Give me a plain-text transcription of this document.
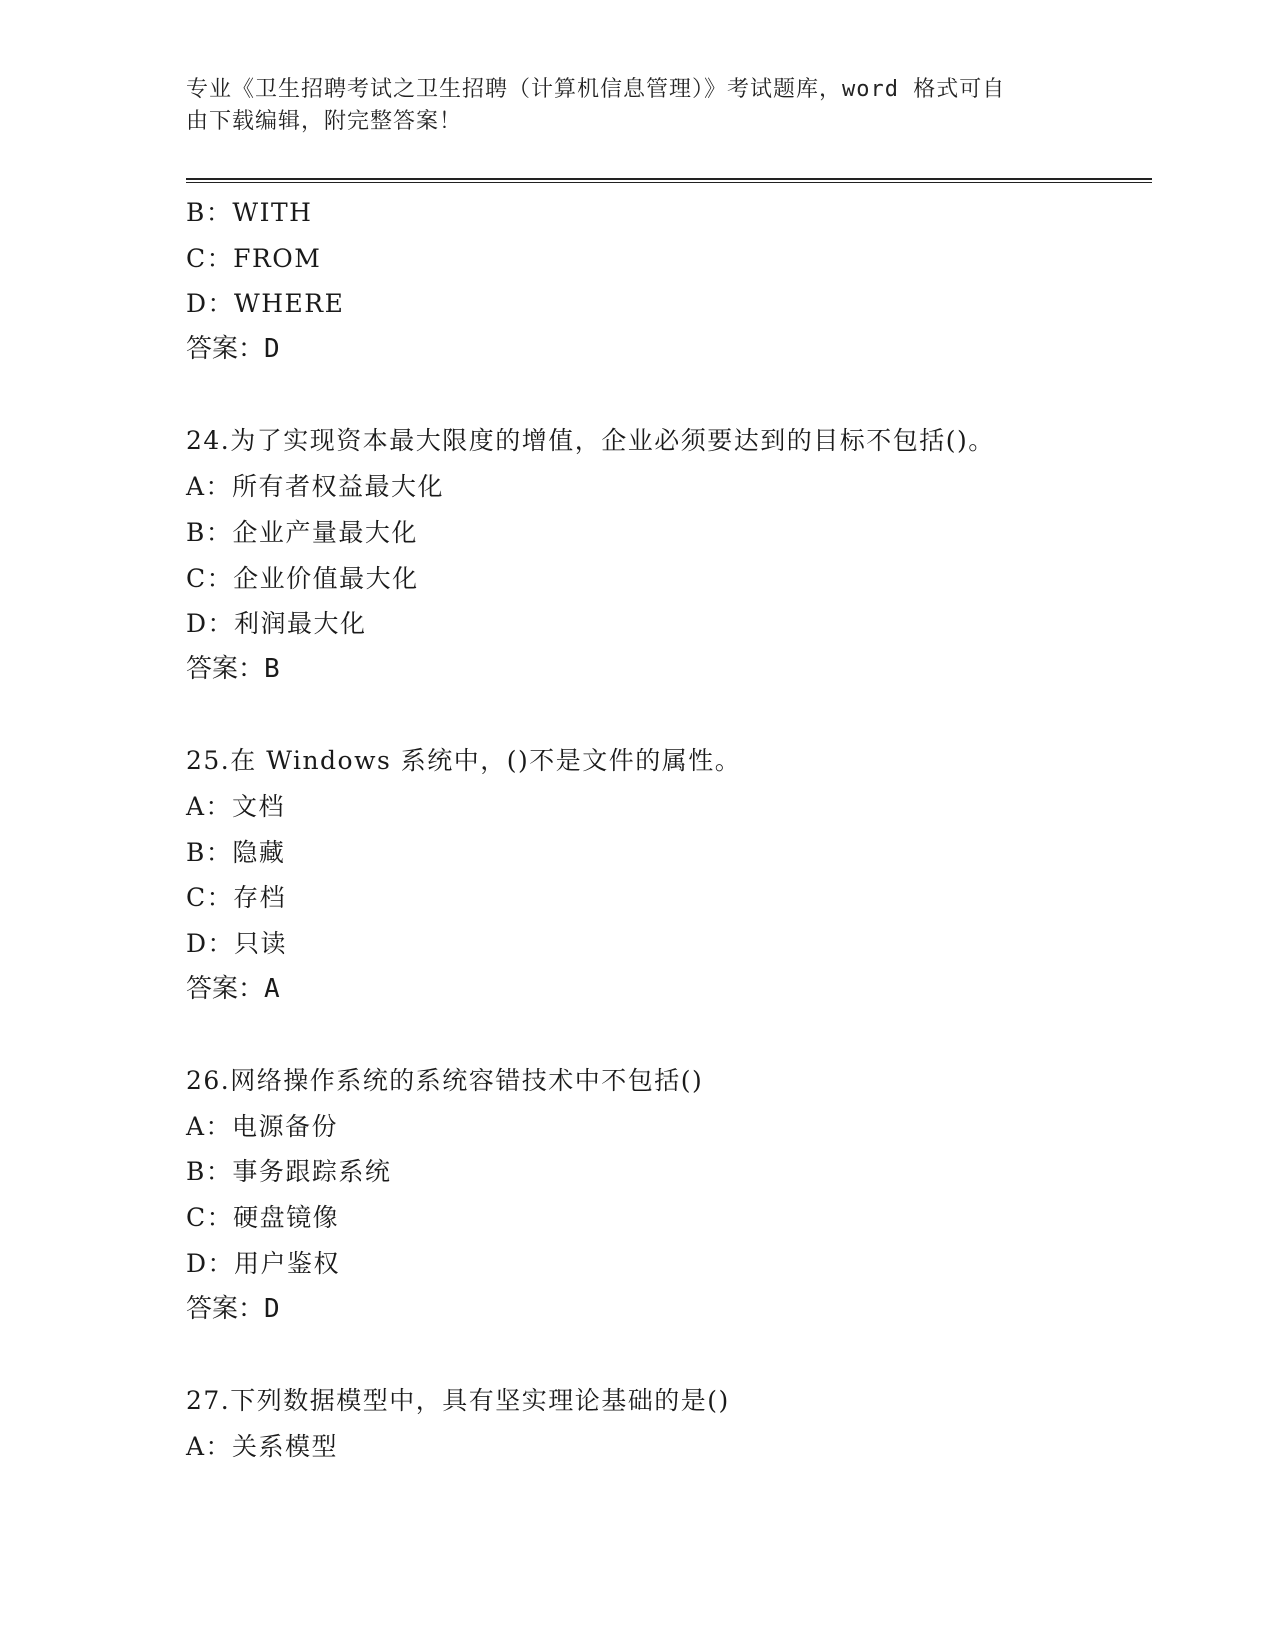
专业《卫生招聘考试之卫生招聘（计算机信息管理）》考试题库，word 格式可自
由下载编辑，附完整答案！
B：WITH
C：FROM
D：WHERE
答案：D
24.为了实现资本最大限度的增值，企业必须要达到的目标不包括()。
A：所有者权益最大化
B：企业产量最大化
C：企业价值最大化
D：利润最大化
答案：B
25.在 Windows 系统中，()不是文件的属性。
A：文档
B：隐藏
C：存档
D：只读
答案：A
26.网络操作系统的系统容错技术中不包括()
A：电源备份
B：事务跟踪系统
C：硬盘镜像
D：用户鉴权
答案：D
27.下列数据模型中，具有坚实理论基础的是()
A：关系模型
